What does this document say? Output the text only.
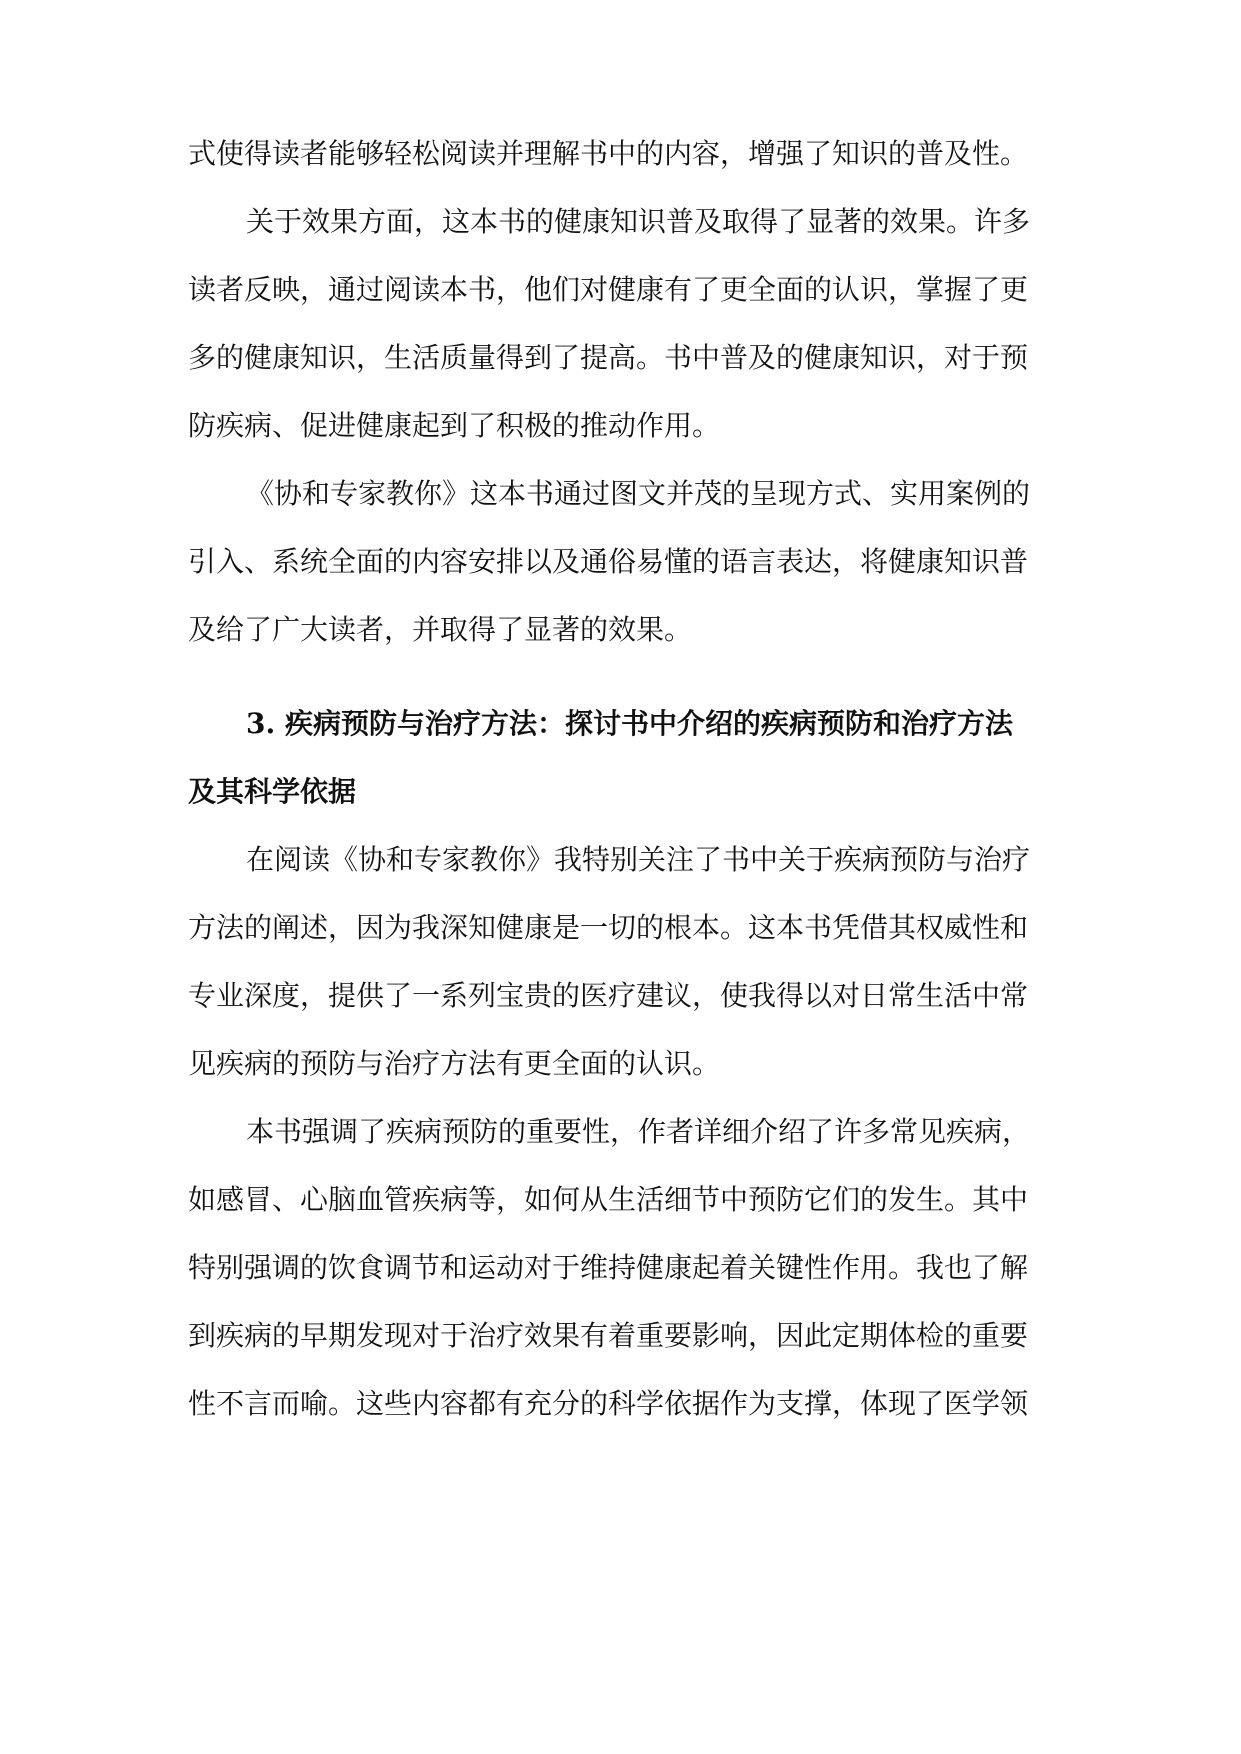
式使得读者能够轻松阅读并理解书中的内容，增强了知识的普及性。
关于效果方面，这本书的健康知识普及取得了显著的效果。许多
读者反映，通过阅读本书，他们对健康有了更全面的认识，掌握了更
多的健康知识，生活质量得到了提高。书中普及的健康知识，对于预
防疾病、促进健康起到了积极的推动作用。
《协和专家教你》这本书通过图文并茂的呈现方式、实用案例的
引入、系统全面的内容安排以及通俗易懂的语言表达，将健康知识普
及给了广大读者，并取得了显著的效果。
3. 疾病预防与治疗方法：探讨书中介绍的疾病预防和治疗方法
及其科学依据
在阅读《协和专家教你》我特别关注了书中关于疾病预防与治疗
方法的阐述，因为我深知健康是一切的根本。这本书凭借其权威性和
专业深度，提供了一系列宝贵的医疗建议，使我得以对日常生活中常
见疾病的预防与治疗方法有更全面的认识。
本书强调了疾病预防的重要性，作者详细介绍了许多常见疾病，
如感冒、心脑血管疾病等，如何从生活细节中预防它们的发生。其中
特别强调的饮食调节和运动对于维持健康起着关键性作用。我也了解
到疾病的早期发现对于治疗效果有着重要影响，因此定期体检的重要
性不言而喻。这些内容都有充分的科学依据作为支撑，体现了医学领
